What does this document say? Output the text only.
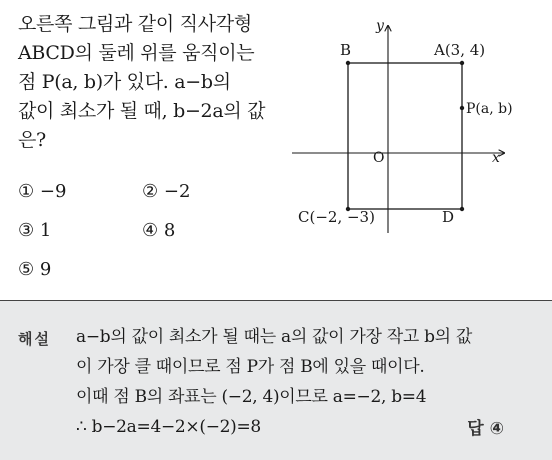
오른쪽 그림과 같이 직사각형
ABCD의 둘레 위를 움직이는
점 P(a, b)가 있다. a−b의
값이 최소가 될 때, b−2a의 값
은?
① −9	② −2
③ 1	④ 8
⑤ 9
y
x
O
B	A(3, 4)
P(a, b)
C(−2, −3)	D
해설 a−b의 값이 최소가 될 때는 a의 값이 가장 작고 b의 값
이 가장 클 때이므로 점 P가 점 B에 있을 때이다.
이때 점 B의 좌표는 (−2, 4)이므로 a=−2, b=4
∴ b−2a=4−2×(−2)=8	답 ④
